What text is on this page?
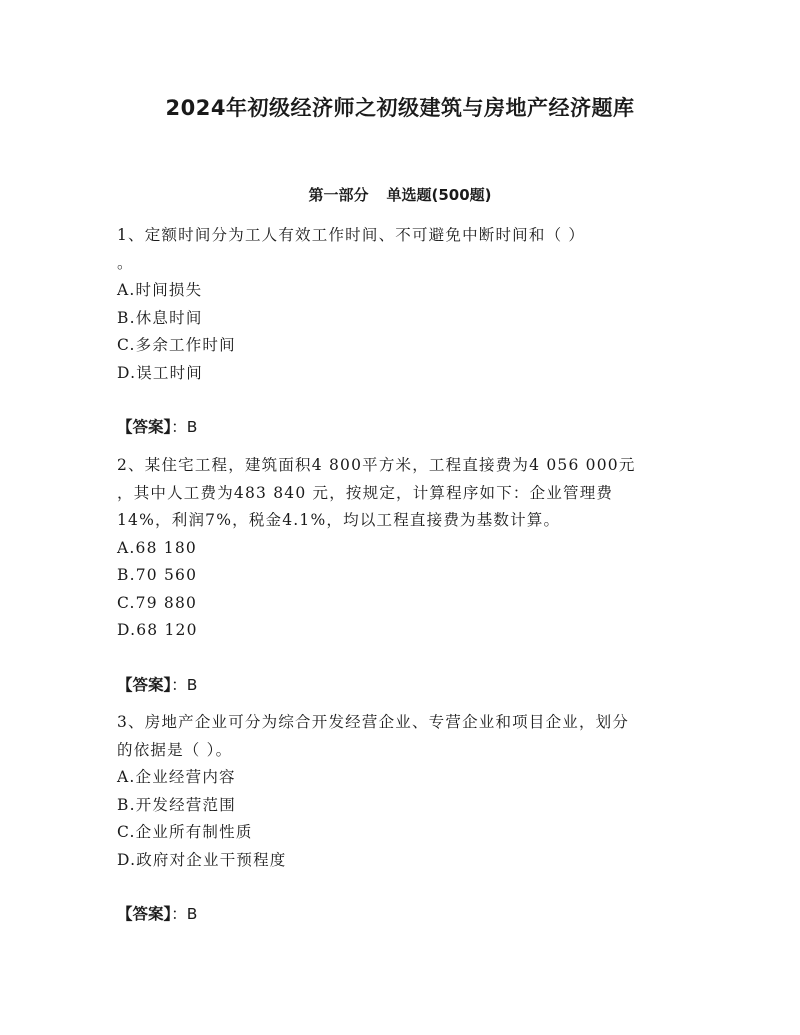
2024年初级经济师之初级建筑与房地产经济题库
第一部分 单选题(500题)

1、定额时间分为工人有效工作时间、不可避免中断时间和（ ）

。

A.时间损失

B.休息时间

C.多余工作时间

D.误工时间

【答案】：B

2、某住宅工程，建筑面积4 800平方米，工程直接费为4 056 000元

，其中人工费为483 840 元，按规定，计算程序如下：企业管理费

14%，利润7%，税金4.1%，均以工程直接费为基数计算。

A.68 180

B.70 560

C.79 880

D.68 120

【答案】：B

3、房地产企业可分为综合开发经营企业、专营企业和项目企业，划分

的依据是（ ）。

A.企业经营内容

B.开发经营范围

C.企业所有制性质

D.政府对企业干预程度

【答案】：B
